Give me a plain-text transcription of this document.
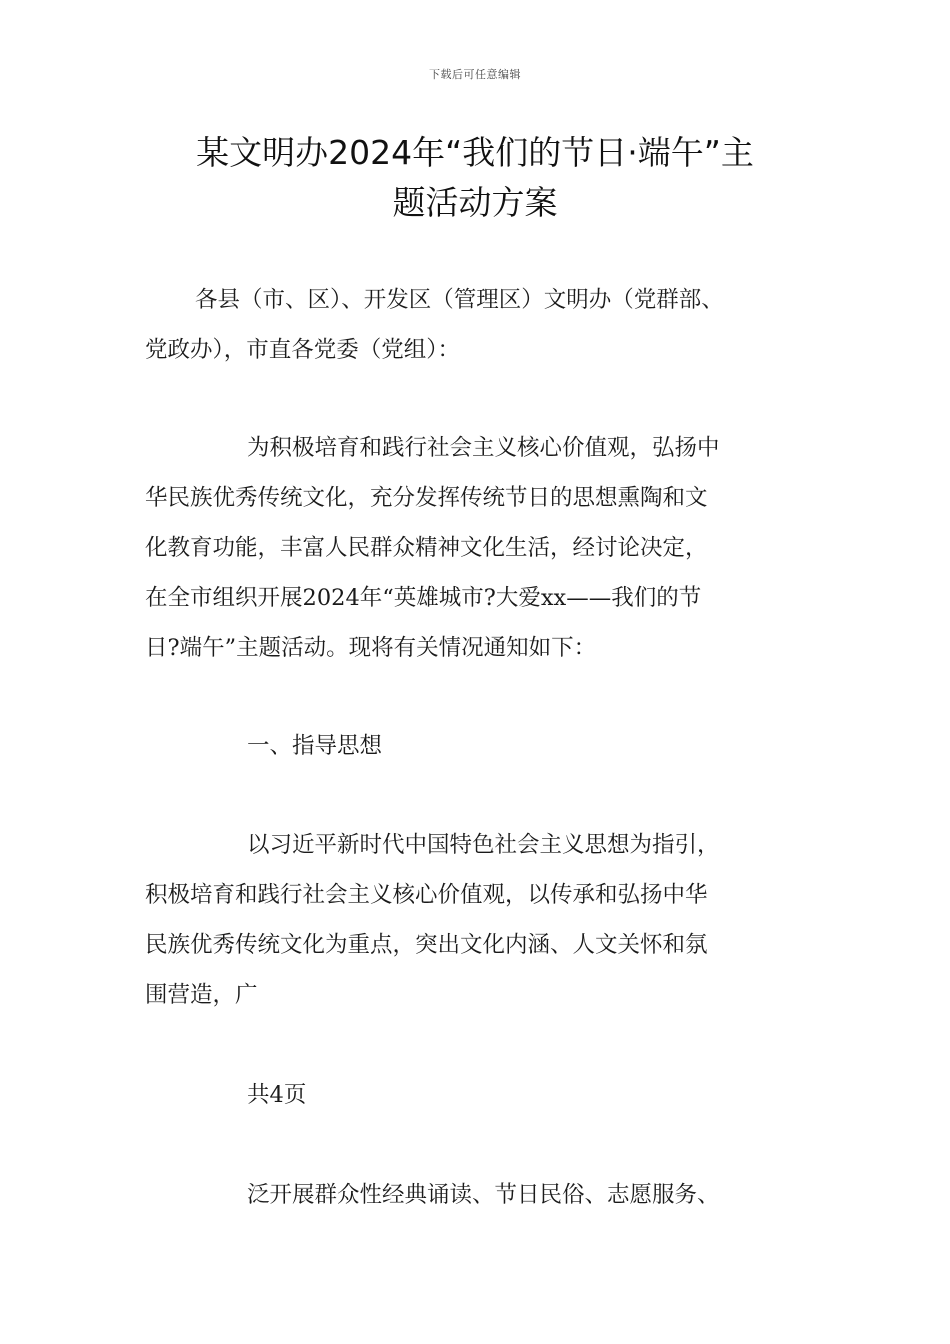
下载后可任意编辑
某文明办2024年“我们的节日·端午”主
题活动方案
各县（市、区）、开发区（管理区）文明办（党群部、
党政办），市直各党委（党组）：
为积极培育和践行社会主义核心价值观，弘扬中
华民族优秀传统文化，充分发挥传统节日的思想熏陶和文
化教育功能，丰富人民群众精神文化生活，经讨论决定，
在全市组织开展2024年“英雄城市?大爱xx——我们的节
日?端午”主题活动。现将有关情况通知如下：
一、指导思想
以习近平新时代中国特色社会主义思想为指引，
积极培育和践行社会主义核心价值观，以传承和弘扬中华
民族优秀传统文化为重点，突出文化内涵、人文关怀和氛
围营造，广
共4页
泛开展群众性经典诵读、节日民俗、志愿服务、
